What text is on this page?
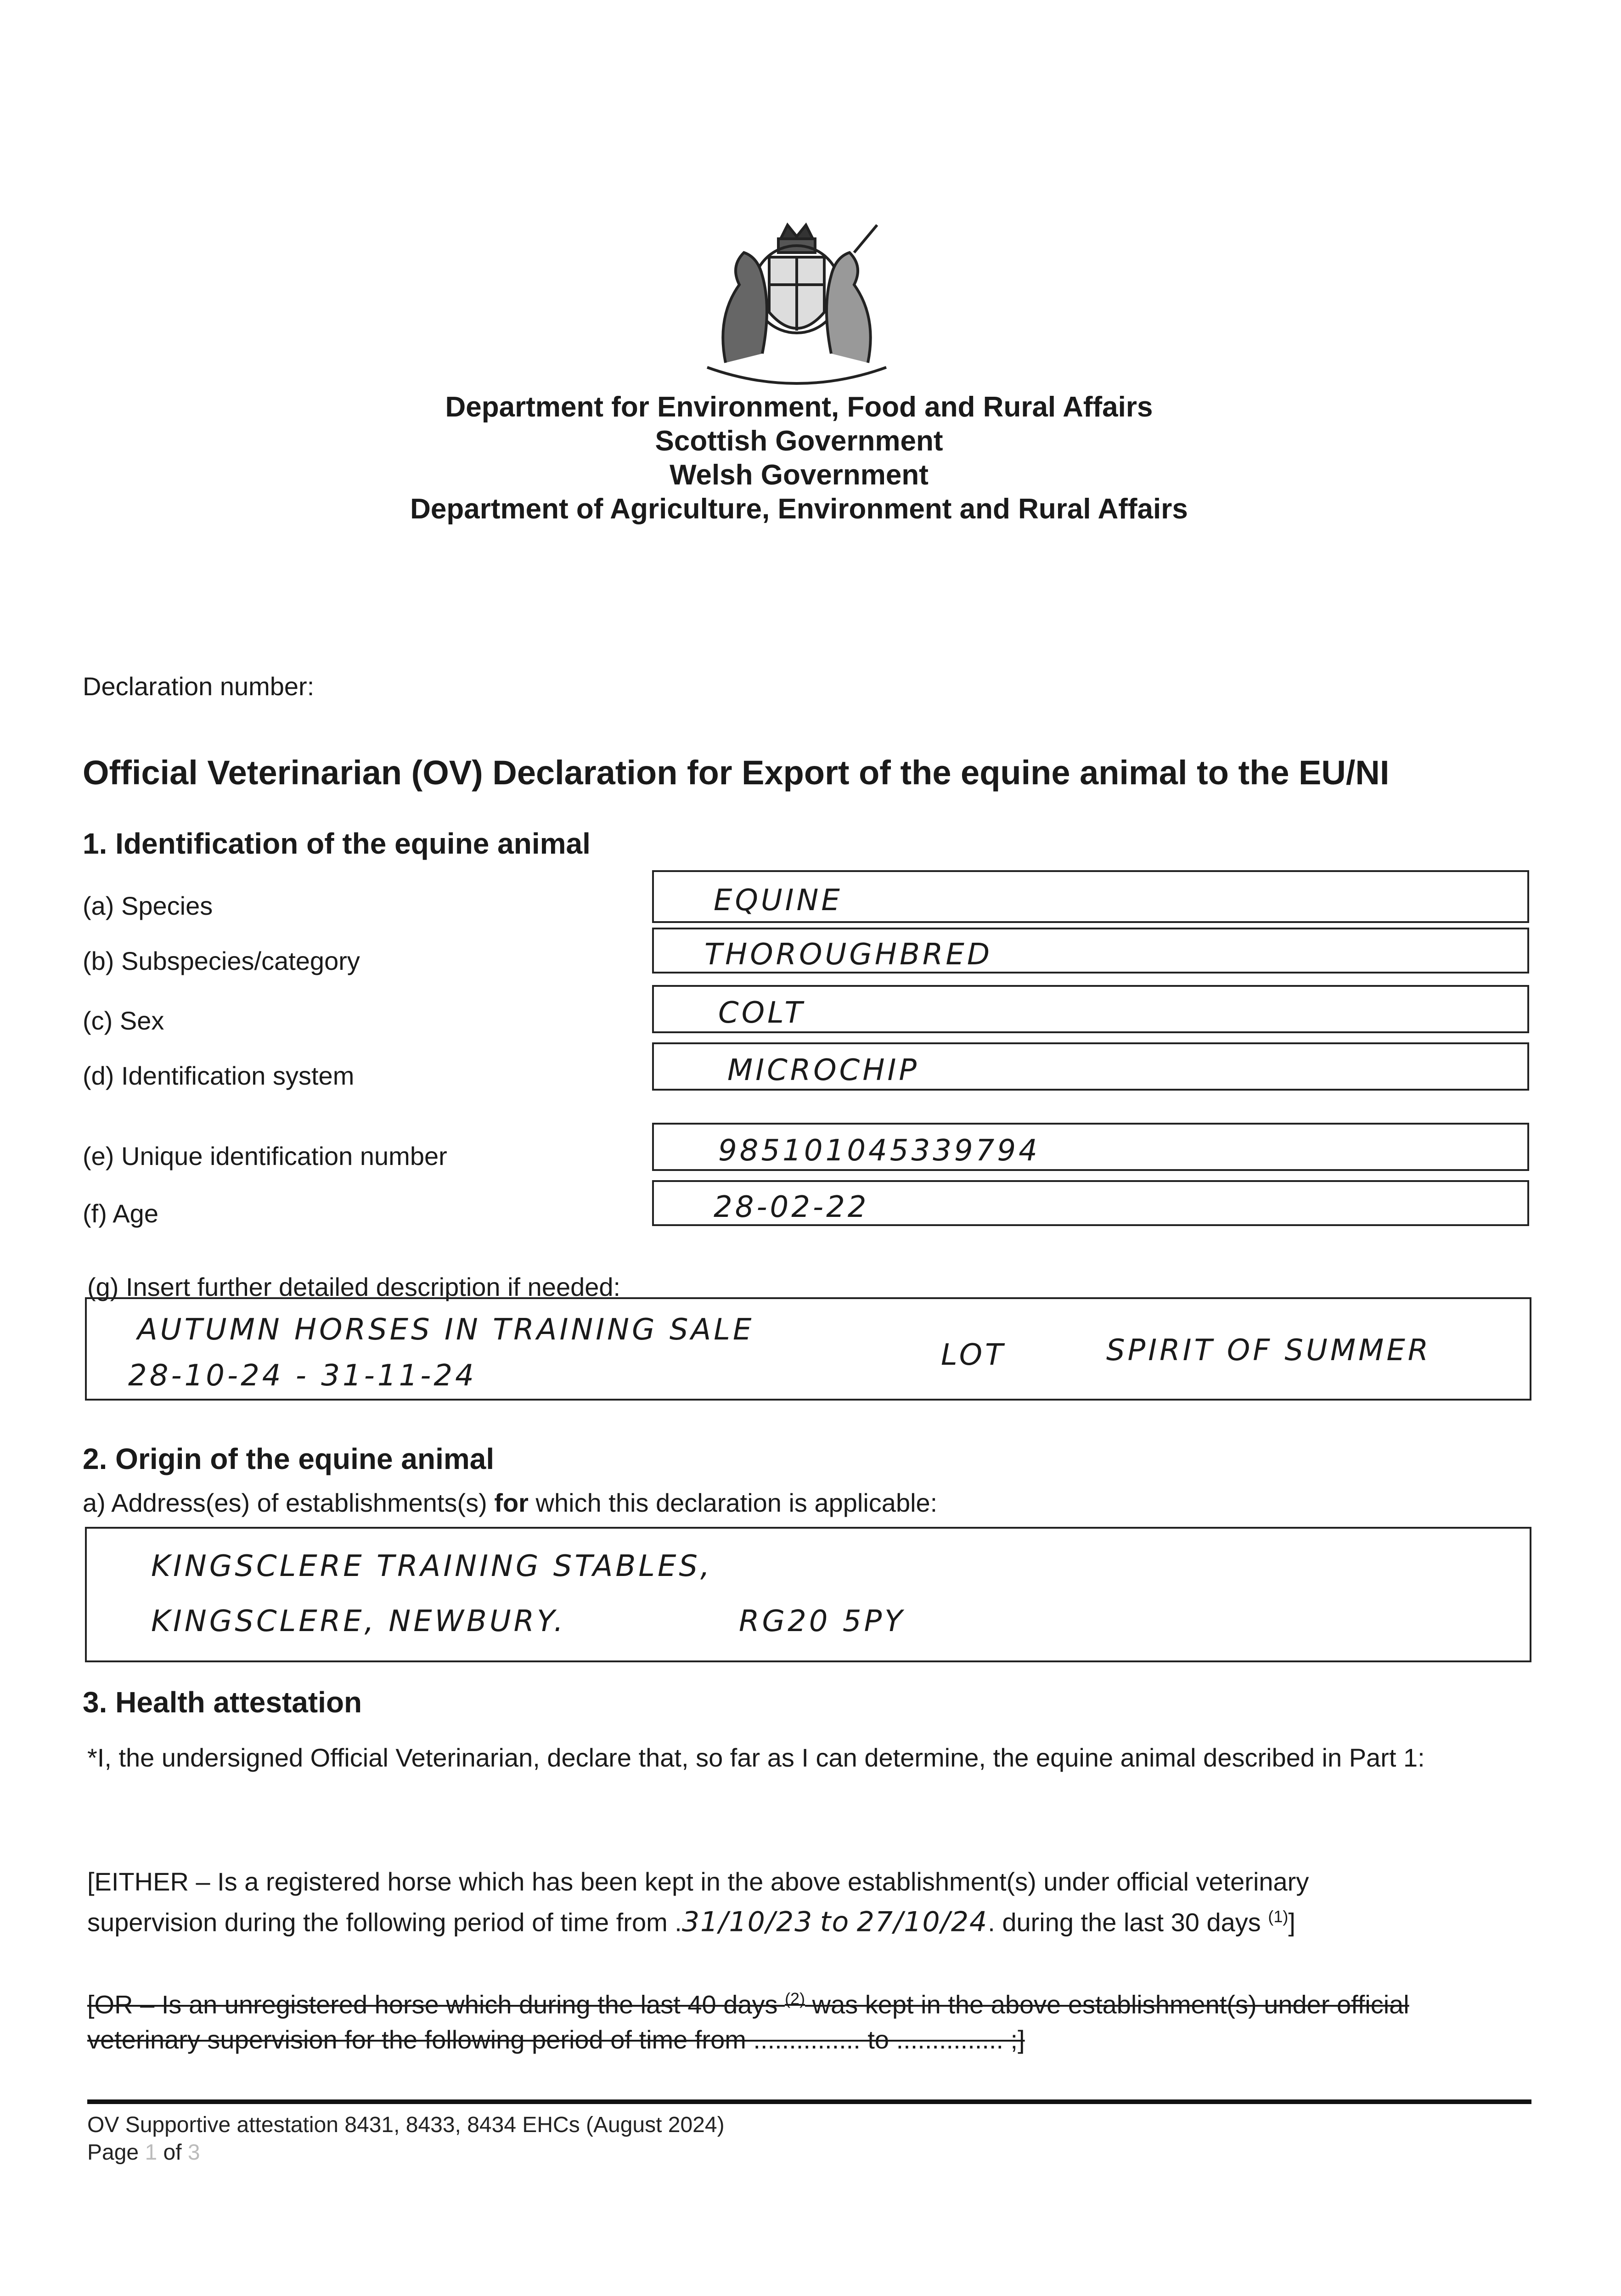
Department for Environment, Food and Rural Affairs
Scottish Government
Welsh Government
Department of Agriculture, Environment and Rural Affairs
Declaration number:
Official Veterinarian (OV) Declaration for Export of the equine animal to the EU/NI
1. Identification of the equine animal
(a) Species	EQUINE
(b) Subspecies/category	THOROUGHBRED
(c) Sex	COLT
(d) Identification system	MICROCHIP
(e) Unique identification number	985101045339794
(f) Age	28-02-22
(g) Insert further detailed description if needed:
AUTUMN HORSES IN TRAINING SALE
28-10-24 - 31-11-24
LOT	SPIRIT OF SUMMER
2. Origin of the equine animal
a) Address(es) of establishments(s) for which this declaration is applicable:
KINGSCLERE TRAINING STABLES,
KINGSCLERE, NEWBURY.	RG20 5PY
3. Health attestation
*I, the undersigned Official Veterinarian, declare that, so far as I can determine, the equine animal described in Part 1:
[EITHER – Is a registered horse which has been kept in the above establishment(s) under official veterinary
supervision during the following period of time from .31/10/23 to 27/10/24. during the last 30 days $^{(1)}$]
[OR – Is an unregistered horse which during the last 40 days $^{(2)}$ was kept in the above establishment(s) under official
veterinary supervision for the following period of time from ............... to ............... ;]
OV Supportive attestation 8431, 8433, 8434 EHCs (August 2024)
Page 1 of 3
